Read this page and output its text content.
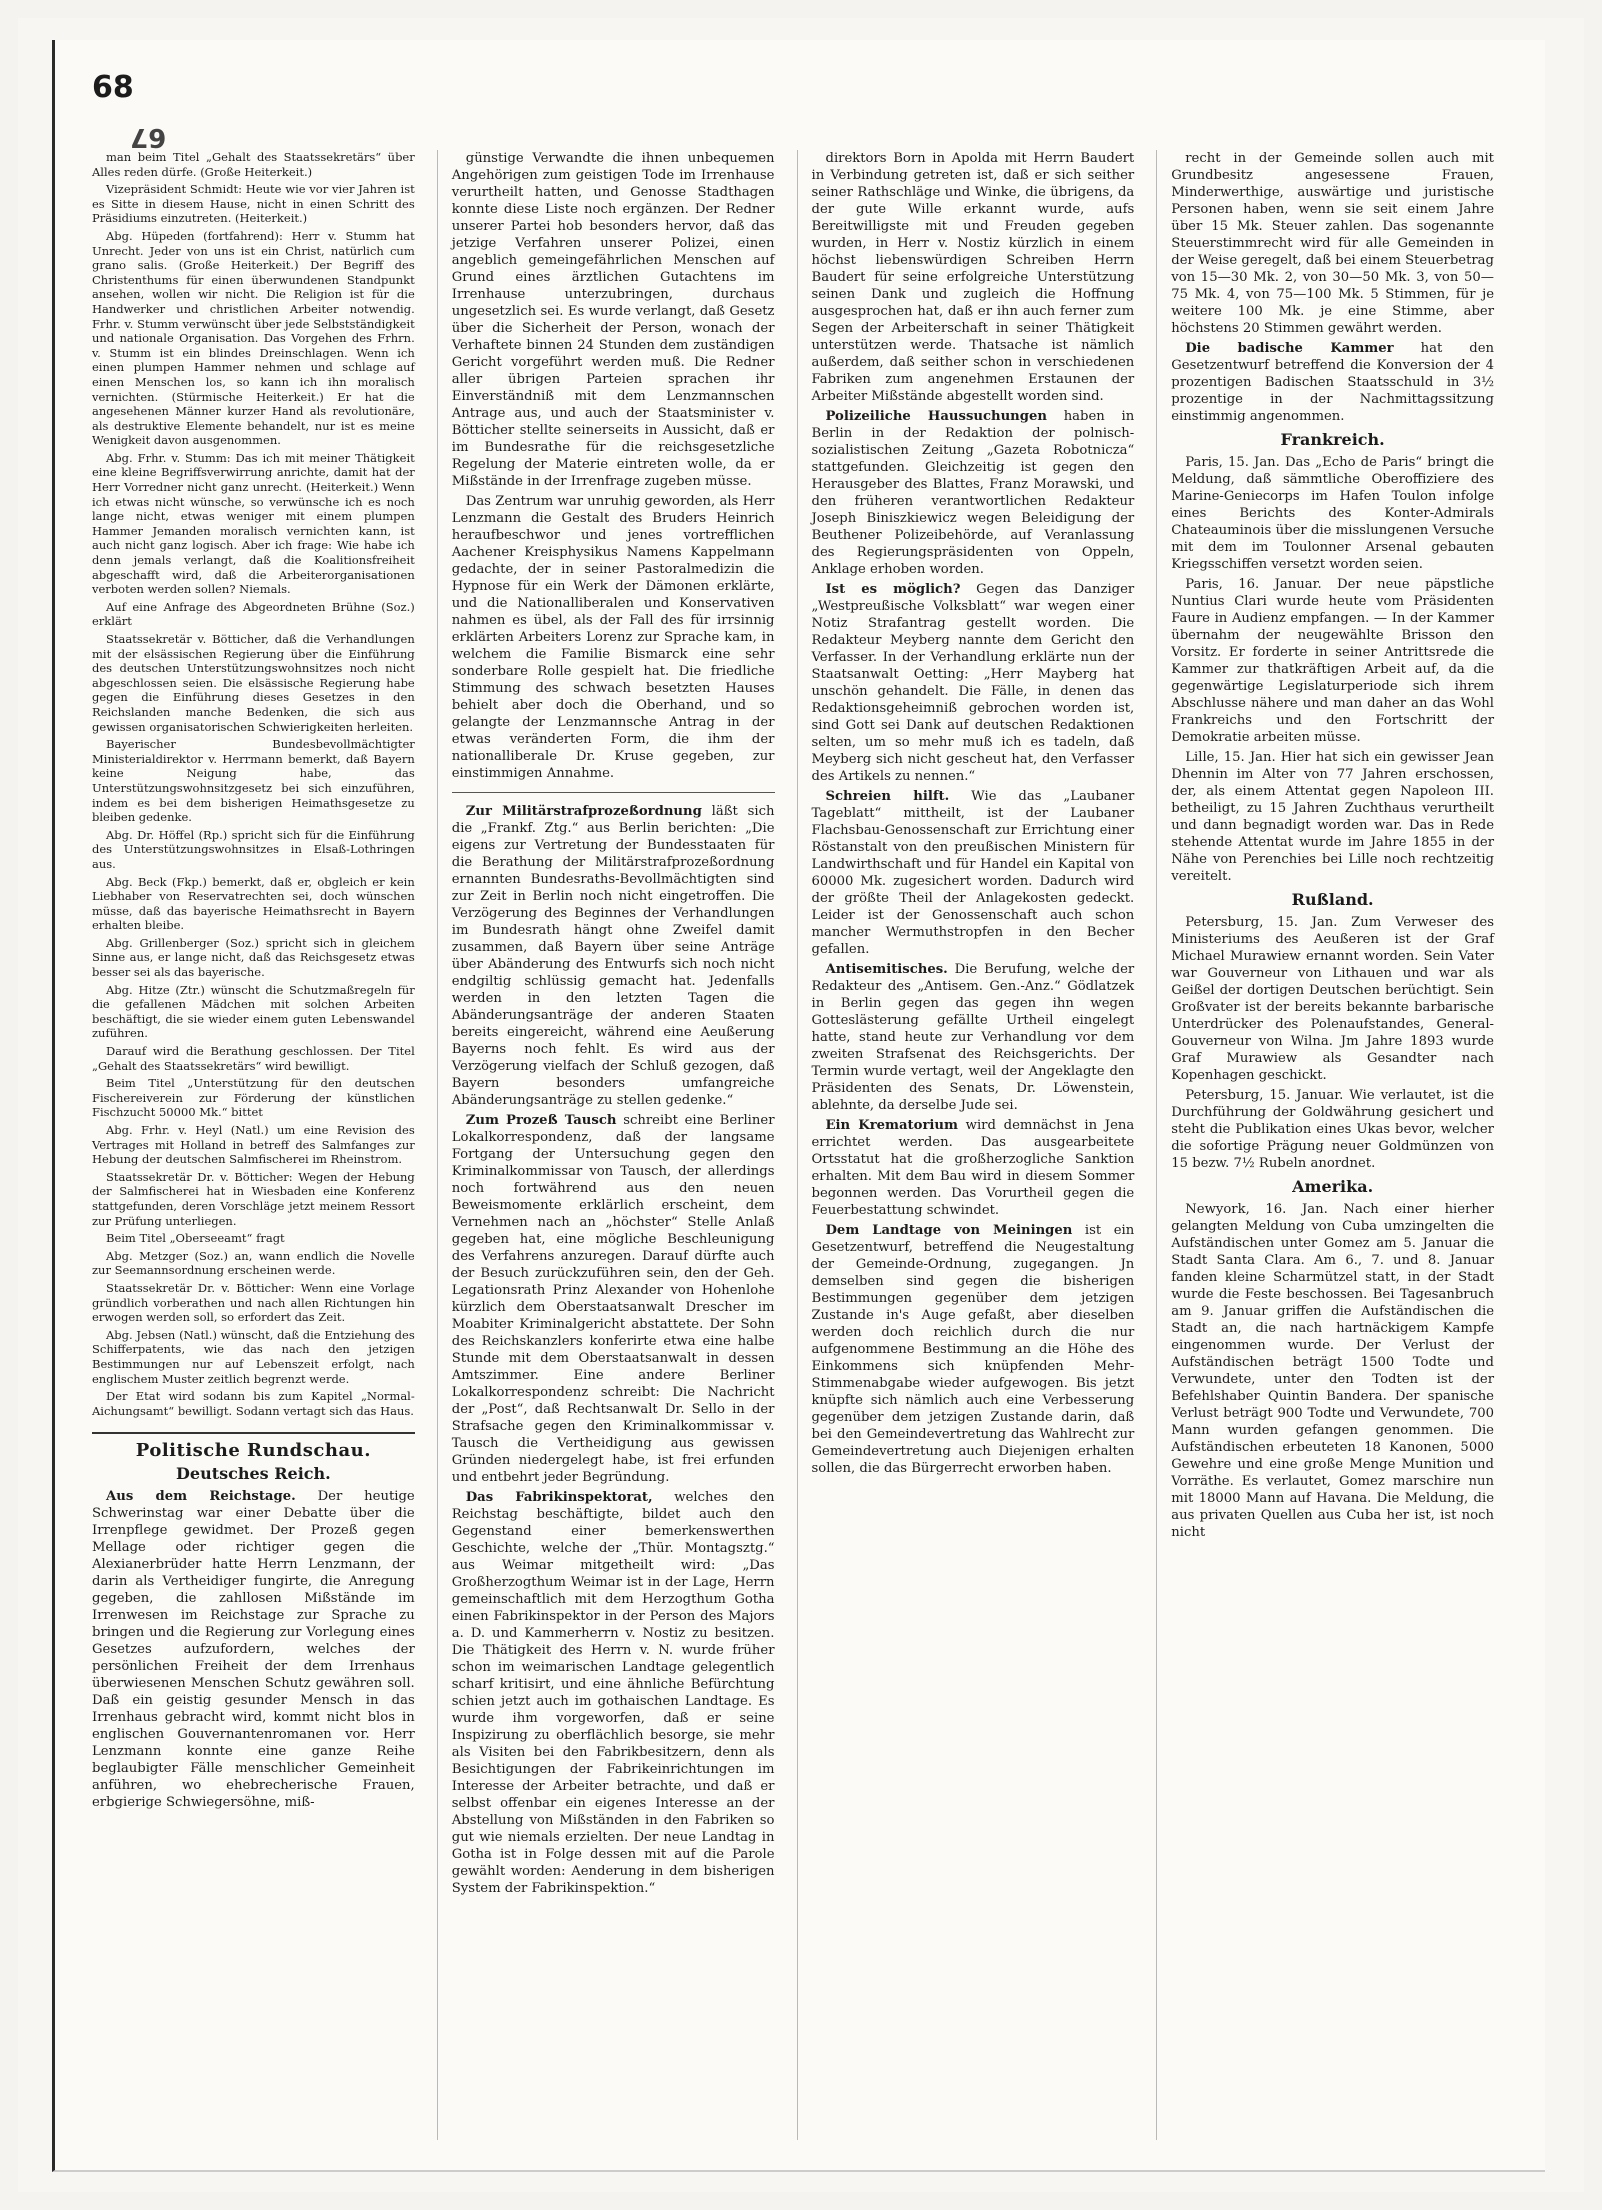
68
67

man beim Titel „Gehalt des Staatssekretärs“ über Alles reden dürfe. (Große Heiterkeit.)

Vizepräsident Schmidt: Heute wie vor vier Jahren ist es Sitte in diesem Hause, nicht in einen Schritt des Präsidiums einzutreten. (Heiterkeit.)

Abg. Hüpeden (fortfahrend): Herr v. Stumm hat Unrecht. Jeder von uns ist ein Christ, natürlich cum grano salis. (Große Heiterkeit.) Der Begriff des Christenthums für einen überwundenen Standpunkt ansehen, wollen wir nicht. Die Religion ist für die Handwerker und christlichen Arbeiter notwendig. Frhr. v. Stumm verwünscht über jede Selbstständigkeit und nationale Organisation. Das Vorgehen des Frhrn. v. Stumm ist ein blindes Dreinschlagen. Wenn ich einen plumpen Hammer nehmen und schlage auf einen Menschen los, so kann ich ihn moralisch vernichten. (Stürmische Heiterkeit.) Er hat die angesehenen Männer kurzer Hand als revolutionäre, als destruktive Elemente behandelt, nur ist es meine Wenigkeit davon ausgenommen.

Abg. Frhr. v. Stumm: Das ich mit meiner Thätigkeit eine kleine Begriffsverwirrung anrichte, damit hat der Herr Vorredner nicht ganz unrecht. (Heiterkeit.) Wenn ich etwas nicht wünsche, so verwünsche ich es noch lange nicht, etwas weniger mit einem plumpen Hammer Jemanden moralisch vernichten kann, ist auch nicht ganz logisch. Aber ich frage: Wie habe ich denn jemals verlangt, daß die Koalitionsfreiheit abgeschafft wird, daß die Arbeiterorganisationen verboten werden sollen? Niemals.

Auf eine Anfrage des Abgeordneten Brühne (Soz.) erklärt

Staatssekretär v. Bötticher, daß die Verhandlungen mit der elsässischen Regierung über die Einführung des deutschen Unterstützungswohnsitzes noch nicht abgeschlossen seien. Die elsässische Regierung habe gegen die Einführung dieses Gesetzes in den Reichslanden manche Bedenken, die sich aus gewissen organisatorischen Schwierigkeiten herleiten.

Bayerischer Bundesbevollmächtigter Ministerialdirektor v. Herrmann bemerkt, daß Bayern keine Neigung habe, das Unterstützungswohnsitzgesetz bei sich einzuführen, indem es bei dem bisherigen Heimathsgesetze zu bleiben gedenke.

Abg. Dr. Höffel (Rp.) spricht sich für die Einführung des Unterstützungswohnsitzes in Elsaß-Lothringen aus.

Abg. Beck (Fkp.) bemerkt, daß er, obgleich er kein Liebhaber von Reservatrechten sei, doch wünschen müsse, daß das bayerische Heimathsrecht in Bayern erhalten bleibe.

Abg. Grillenberger (Soz.) spricht sich in gleichem Sinne aus, er lange nicht, daß das Reichsgesetz etwas besser sei als das bayerische.

Abg. Hitze (Ztr.) wünscht die Schutzmaßregeln für die gefallenen Mädchen mit solchen Arbeiten beschäftigt, die sie wieder einem guten Lebenswandel zuführen.

Darauf wird die Berathung geschlossen. Der Titel „Gehalt des Staatssekretärs“ wird bewilligt.

Beim Titel „Unterstützung für den deutschen Fischereiverein zur Förderung der künstlichen Fischzucht 50000 Mk.“ bittet

Abg. Frhr. v. Heyl (Natl.) um eine Revision des Vertrages mit Holland in betreff des Salmfanges zur Hebung der deutschen Salmfischerei im Rheinstrom.

Staatssekretär Dr. v. Bötticher: Wegen der Hebung der Salmfischerei hat in Wiesbaden eine Konferenz stattgefunden, deren Vorschläge jetzt meinem Ressort zur Prüfung unterliegen.

Beim Titel „Oberseeamt“ fragt

Abg. Metzger (Soz.) an, wann endlich die Novelle zur Seemannsordnung erscheinen werde.

Staatssekretär Dr. v. Bötticher: Wenn eine Vorlage gründlich vorberathen und nach allen Richtungen hin erwogen werden soll, so erfordert das Zeit.

Abg. Jebsen (Natl.) wünscht, daß die Entziehung des Schifferpatents, wie das nach den jetzigen Bestimmungen nur auf Lebenszeit erfolgt, nach englischem Muster zeitlich begrenzt werde.

Der Etat wird sodann bis zum Kapitel „Normal-Aichungsamt“ bewilligt. Sodann vertagt sich das Haus.

Politische Rundschau.
Deutsches Reich.

Aus dem Reichstage. Der heutige Schwerinstag war einer Debatte über die Irrenpflege gewidmet. Der Prozeß gegen Mellage oder richtiger gegen die Alexianerbrüder hatte Herrn Lenzmann, der darin als Vertheidiger fungirte, die Anregung gegeben, die zahllosen Mißstände im Irrenwesen im Reichstage zur Sprache zu bringen und die Regierung zur Vorlegung eines Gesetzes aufzufordern, welches der persönlichen Freiheit der dem Irrenhaus überwiesenen Menschen Schutz gewähren soll. Daß ein geistig gesunder Mensch in das Irrenhaus gebracht wird, kommt nicht blos in englischen Gouvernantenromanen vor. Herr Lenzmann konnte eine ganze Reihe beglaubigter Fälle menschlicher Gemeinheit anführen, wo ehebrecherische Frauen, erbgierige Schwiegersöhne, miß-

günstige Verwandte die ihnen unbequemen Angehörigen zum geistigen Tode im Irrenhause verurtheilt hatten, und Genosse Stadthagen konnte diese Liste noch ergänzen. Der Redner unserer Partei hob besonders hervor, daß das jetzige Verfahren unserer Polizei, einen angeblich gemeingefährlichen Menschen auf Grund eines ärztlichen Gutachtens im Irrenhause unterzubringen, durchaus ungesetzlich sei. Es wurde verlangt, daß Gesetz über die Sicherheit der Person, wonach der Verhaftete binnen 24 Stunden dem zuständigen Gericht vorgeführt werden muß. Die Redner aller übrigen Parteien sprachen ihr Einverständniß mit dem Lenzmannschen Antrage aus, und auch der Staatsminister v. Bötticher stellte seinerseits in Aussicht, daß er im Bundesrathe für die reichsgesetzliche Regelung der Materie eintreten wolle, da er Mißstände in der Irrenfrage zugeben müsse.

Das Zentrum war unruhig geworden, als Herr Lenzmann die Gestalt des Bruders Heinrich heraufbeschwor und jenes vortrefflichen Aachener Kreisphysikus Namens Kappelmann gedachte, der in seiner Pastoralmedizin die Hypnose für ein Werk der Dämonen erklärte, und die Nationalliberalen und Konservativen nahmen es übel, als der Fall des für irrsinnig erklärten Arbeiters Lorenz zur Sprache kam, in welchem die Familie Bismarck eine sehr sonderbare Rolle gespielt hat. Die friedliche Stimmung des schwach besetzten Hauses behielt aber doch die Oberhand, und so gelangte der Lenzmannsche Antrag in der etwas veränderten Form, die ihm der nationalliberale Dr. Kruse gegeben, zur einstimmigen Annahme.

Zur Militärstrafprozeßordnung läßt sich die „Frankf. Ztg.“ aus Berlin berichten: „Die eigens zur Vertretung der Bundesstaaten für die Berathung der Militärstrafprozeßordnung ernannten Bundesraths-Bevollmächtigten sind zur Zeit in Berlin noch nicht eingetroffen. Die Verzögerung des Beginnes der Verhandlungen im Bundesrath hängt ohne Zweifel damit zusammen, daß Bayern über seine Anträge über Abänderung des Entwurfs sich noch nicht endgiltig schlüssig gemacht hat. Jedenfalls werden in den letzten Tagen die Abänderungsanträge der anderen Staaten bereits eingereicht, während eine Aeußerung Bayerns noch fehlt. Es wird aus der Verzögerung vielfach der Schluß gezogen, daß Bayern besonders umfangreiche Abänderungsanträge zu stellen gedenke.“

Zum Prozeß Tausch schreibt eine Berliner Lokalkorrespondenz, daß der langsame Fortgang der Untersuchung gegen den Kriminalkommissar von Tausch, der allerdings noch fortwährend aus den neuen Beweismomente erklärlich erscheint, dem Vernehmen nach an „höchster“ Stelle Anlaß gegeben hat, eine mögliche Beschleunigung des Verfahrens anzuregen. Darauf dürfte auch der Besuch zurückzuführen sein, den der Geh. Legationsrath Prinz Alexander von Hohenlohe kürzlich dem Oberstaatsanwalt Drescher im Moabiter Kriminalgericht abstattete. Der Sohn des Reichskanzlers konferirte etwa eine halbe Stunde mit dem Oberstaatsanwalt in dessen Amtszimmer. Eine andere Berliner Lokalkorrespondenz schreibt: Die Nachricht der „Post“, daß Rechtsanwalt Dr. Sello in der Strafsache gegen den Kriminalkommissar v. Tausch die Vertheidigung aus gewissen Gründen niedergelegt habe, ist frei erfunden und entbehrt jeder Begründung.

Das Fabrikinspektorat, welches den Reichstag beschäftigte, bildet auch den Gegenstand einer bemerkenswerthen Geschichte, welche der „Thür. Montagsztg.“ aus Weimar mitgetheilt wird: „Das Großherzogthum Weimar ist in der Lage, Herrn gemeinschaftlich mit dem Herzogthum Gotha einen Fabrikinspektor in der Person des Majors a. D. und Kammerherrn v. Nostiz zu besitzen. Die Thätigkeit des Herrn v. N. wurde früher schon im weimarischen Landtage gelegentlich scharf kritisirt, und eine ähnliche Befürchtung schien jetzt auch im gothaischen Landtage. Es wurde ihm vorgeworfen, daß er seine Inspizirung zu oberflächlich besorge, sie mehr als Visiten bei den Fabrikbesitzern, denn als Besichtigungen der Fabrikeinrichtungen im Interesse der Arbeiter betrachte, und daß er selbst offenbar ein eigenes Interesse an der Abstellung von Mißständen in den Fabriken so gut wie niemals erzielten. Der neue Landtag in Gotha ist in Folge dessen mit auf die Parole gewählt worden: Aenderung in dem bisherigen System der Fabrikinspektion.“

direktors Born in Apolda mit Herrn Baudert in Verbindung getreten ist, daß er sich seither seiner Rathschläge und Winke, die übrigens, da der gute Wille erkannt wurde, aufs Bereitwilligste mit und Freuden gegeben wurden, in Herr v. Nostiz kürzlich in einem höchst liebenswürdigen Schreiben Herrn Baudert für seine erfolgreiche Unterstützung seinen Dank und zugleich die Hoffnung ausgesprochen hat, daß er ihn auch ferner zum Segen der Arbeiterschaft in seiner Thätigkeit unterstützen werde. Thatsache ist nämlich außerdem, daß seither schon in verschiedenen Fabriken zum angenehmen Erstaunen der Arbeiter Mißstände abgestellt worden sind.

Polizeiliche Haussuchungen haben in Berlin in der Redaktion der polnisch-sozialistischen Zeitung „Gazeta Robotnicza“ stattgefunden. Gleichzeitig ist gegen den Herausgeber des Blattes, Franz Morawski, und den früheren verantwortlichen Redakteur Joseph Biniszkiewicz wegen Beleidigung der Beuthener Polizeibehörde, auf Veranlassung des Regierungspräsidenten von Oppeln, Anklage erhoben worden.

Ist es möglich? Gegen das Danziger „Westpreußische Volksblatt“ war wegen einer Notiz Strafantrag gestellt worden. Die Redakteur Meyberg nannte dem Gericht den Verfasser. In der Verhandlung erklärte nun der Staatsanwalt Oetting: „Herr Mayberg hat unschön gehandelt. Die Fälle, in denen das Redaktionsgeheimniß gebrochen worden ist, sind Gott sei Dank auf deutschen Redaktionen selten, um so mehr muß ich es tadeln, daß Meyberg sich nicht gescheut hat, den Verfasser des Artikels zu nennen.“

Schreien hilft. Wie das „Laubaner Tageblatt“ mittheilt, ist der Laubaner Flachsbau-Genossenschaft zur Errichtung einer Röstanstalt von den preußischen Ministern für Landwirthschaft und für Handel ein Kapital von 60000 Mk. zugesichert worden. Dadurch wird der größte Theil der Anlagekosten gedeckt. Leider ist der Genossenschaft auch schon mancher Wermuthstropfen in den Becher gefallen.

Antisemitisches. Die Berufung, welche der Redakteur des „Antisem. Gen.-Anz.“ Gödlatzek in Berlin gegen das gegen ihn wegen Gotteslästerung gefällte Urtheil eingelegt hatte, stand heute zur Verhandlung vor dem zweiten Strafsenat des Reichsgerichts. Der Termin wurde vertagt, weil der Angeklagte den Präsidenten des Senats, Dr. Löwenstein, ablehnte, da derselbe Jude sei.

Ein Krematorium wird demnächst in Jena errichtet werden. Das ausgearbeitete Ortsstatut hat die großherzogliche Sanktion erhalten. Mit dem Bau wird in diesem Sommer begonnen werden. Das Vorurtheil gegen die Feuerbestattung schwindet.

Dem Landtage von Meiningen ist ein Gesetzentwurf, betreffend die Neugestaltung der Gemeinde-Ordnung, zugegangen. Jn demselben sind gegen die bisherigen Bestimmungen gegenüber dem jetzigen Zustande in's Auge gefaßt, aber dieselben werden doch reichlich durch die nur aufgenommene Bestimmung an die Höhe des Einkommens sich knüpfenden Mehr-Stimmenabgabe wieder aufgewogen. Bis jetzt knüpfte sich nämlich auch eine Verbesserung gegenüber dem jetzigen Zustande darin, daß bei den Gemeindevertretung das Wahlrecht zur Gemeindevertretung auch Diejenigen erhalten sollen, die das Bürgerrecht erworben haben.

recht in der Gemeinde sollen auch mit Grundbesitz angesessene Frauen, Minderwerthige, auswärtige und juristische Personen haben, wenn sie seit einem Jahre über 15 Mk. Steuer zahlen. Das sogenannte Steuerstimmrecht wird für alle Gemeinden in der Weise geregelt, daß bei einem Steuerbetrag von 15—30 Mk. 2, von 30—50 Mk. 3, von 50—75 Mk. 4, von 75—100 Mk. 5 Stimmen, für je weitere 100 Mk. je eine Stimme, aber höchstens 20 Stimmen gewährt werden.

Die badische Kammer hat den Gesetzentwurf betreffend die Konversion der 4 prozentigen Badischen Staatsschuld in 3½ prozentige in der Nachmittagssitzung einstimmig angenommen.

Frankreich.

Paris, 15. Jan. Das „Echo de Paris“ bringt die Meldung, daß sämmtliche Oberoffiziere des Marine-Geniecorps im Hafen Toulon infolge eines Berichts des Konter-Admirals Chateauminois über die misslungenen Versuche mit dem im Toulonner Arsenal gebauten Kriegsschiffen versetzt worden seien.

Paris, 16. Januar. Der neue päpstliche Nuntius Clari wurde heute vom Präsidenten Faure in Audienz empfangen. — In der Kammer übernahm der neugewählte Brisson den Vorsitz. Er forderte in seiner Antrittsrede die Kammer zur thatkräftigen Arbeit auf, da die gegenwärtige Legislaturperiode sich ihrem Abschlusse nähere und man daher an das Wohl Frankreichs und den Fortschritt der Demokratie arbeiten müsse.

Lille, 15. Jan. Hier hat sich ein gewisser Jean Dhennin im Alter von 77 Jahren erschossen, der, als einem Attentat gegen Napoleon III. betheiligt, zu 15 Jahren Zuchthaus verurtheilt und dann begnadigt worden war. Das in Rede stehende Attentat wurde im Jahre 1855 in der Nähe von Perenchies bei Lille noch rechtzeitig vereitelt.

Rußland.

Petersburg, 15. Jan. Zum Verweser des Ministeriums des Aeußeren ist der Graf Michael Murawiew ernannt worden. Sein Vater war Gouverneur von Lithauen und war als Geißel der dortigen Deutschen berüchtigt. Sein Großvater ist der bereits bekannte barbarische Unterdrücker des Polenaufstandes, General-Gouverneur von Wilna. Jm Jahre 1893 wurde Graf Murawiew als Gesandter nach Kopenhagen geschickt.

Petersburg, 15. Januar. Wie verlautet, ist die Durchführung der Goldwährung gesichert und steht die Publikation eines Ukas bevor, welcher die sofortige Prägung neuer Goldmünzen von 15 bezw. 7½ Rubeln anordnet.

Amerika.

Newyork, 16. Jan. Nach einer hierher gelangten Meldung von Cuba umzingelten die Aufständischen unter Gomez am 5. Januar die Stadt Santa Clara. Am 6., 7. und 8. Januar fanden kleine Scharmützel statt, in der Stadt wurde die Feste beschossen. Bei Tagesanbruch am 9. Januar griffen die Aufständischen die Stadt an, die nach hartnäckigem Kampfe eingenommen wurde. Der Verlust der Aufständischen beträgt 1500 Todte und Verwundete, unter den Todten ist der Befehlshaber Quintin Bandera. Der spanische Verlust beträgt 900 Todte und Verwundete, 700 Mann wurden gefangen genommen. Die Aufständischen erbeuteten 18 Kanonen, 5000 Gewehre und eine große Menge Munition und Vorräthe. Es verlautet, Gomez marschire nun mit 18000 Mann auf Havana. Die Meldung, die aus privaten Quellen aus Cuba her ist, ist noch nicht
